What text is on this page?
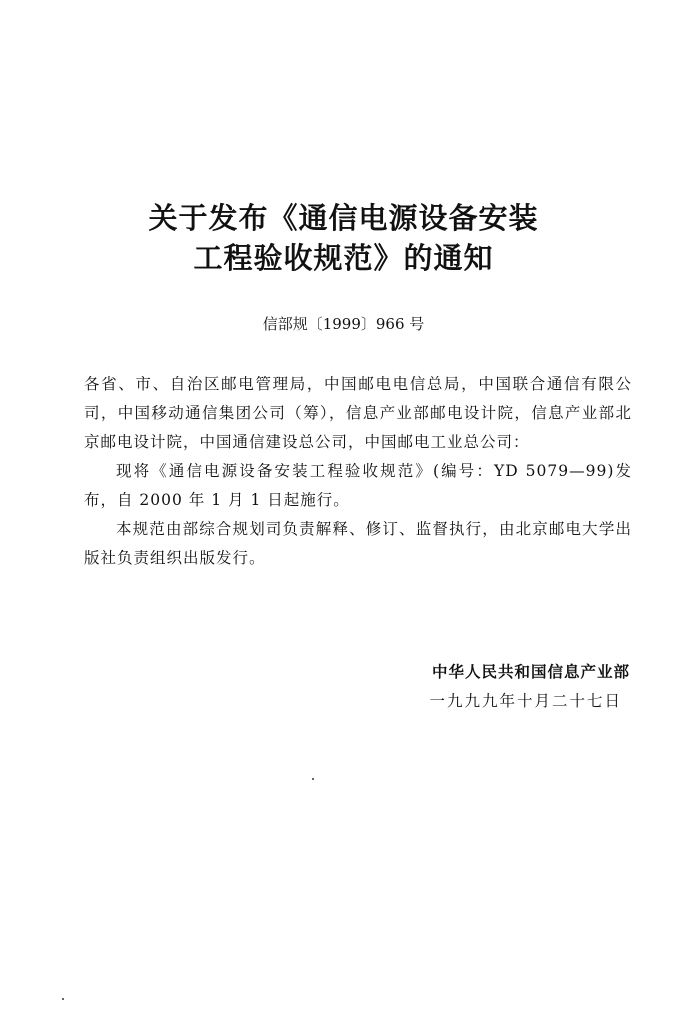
关于发布《通信电源设备安装
工程验收规范》的通知
信部规〔1999〕966 号

各省、市、自治区邮电管理局，中国邮电电信总局，中国联合通信有限公司，中国移动通信集团公司（筹），信息产业部邮电设计院，信息产业部北京邮电设计院，中国通信建设总公司，中国邮电工业总公司：

现将《通信电源设备安装工程验收规范》(编号：YD 5079—99)发布，自 2000 年 1 月 1 日起施行。

本规范由部综合规划司负责解释、修订、监督执行，由北京邮电大学出版社负责组织出版发行。

中华人民共和国信息产业部
一九九九年十月二十七日
